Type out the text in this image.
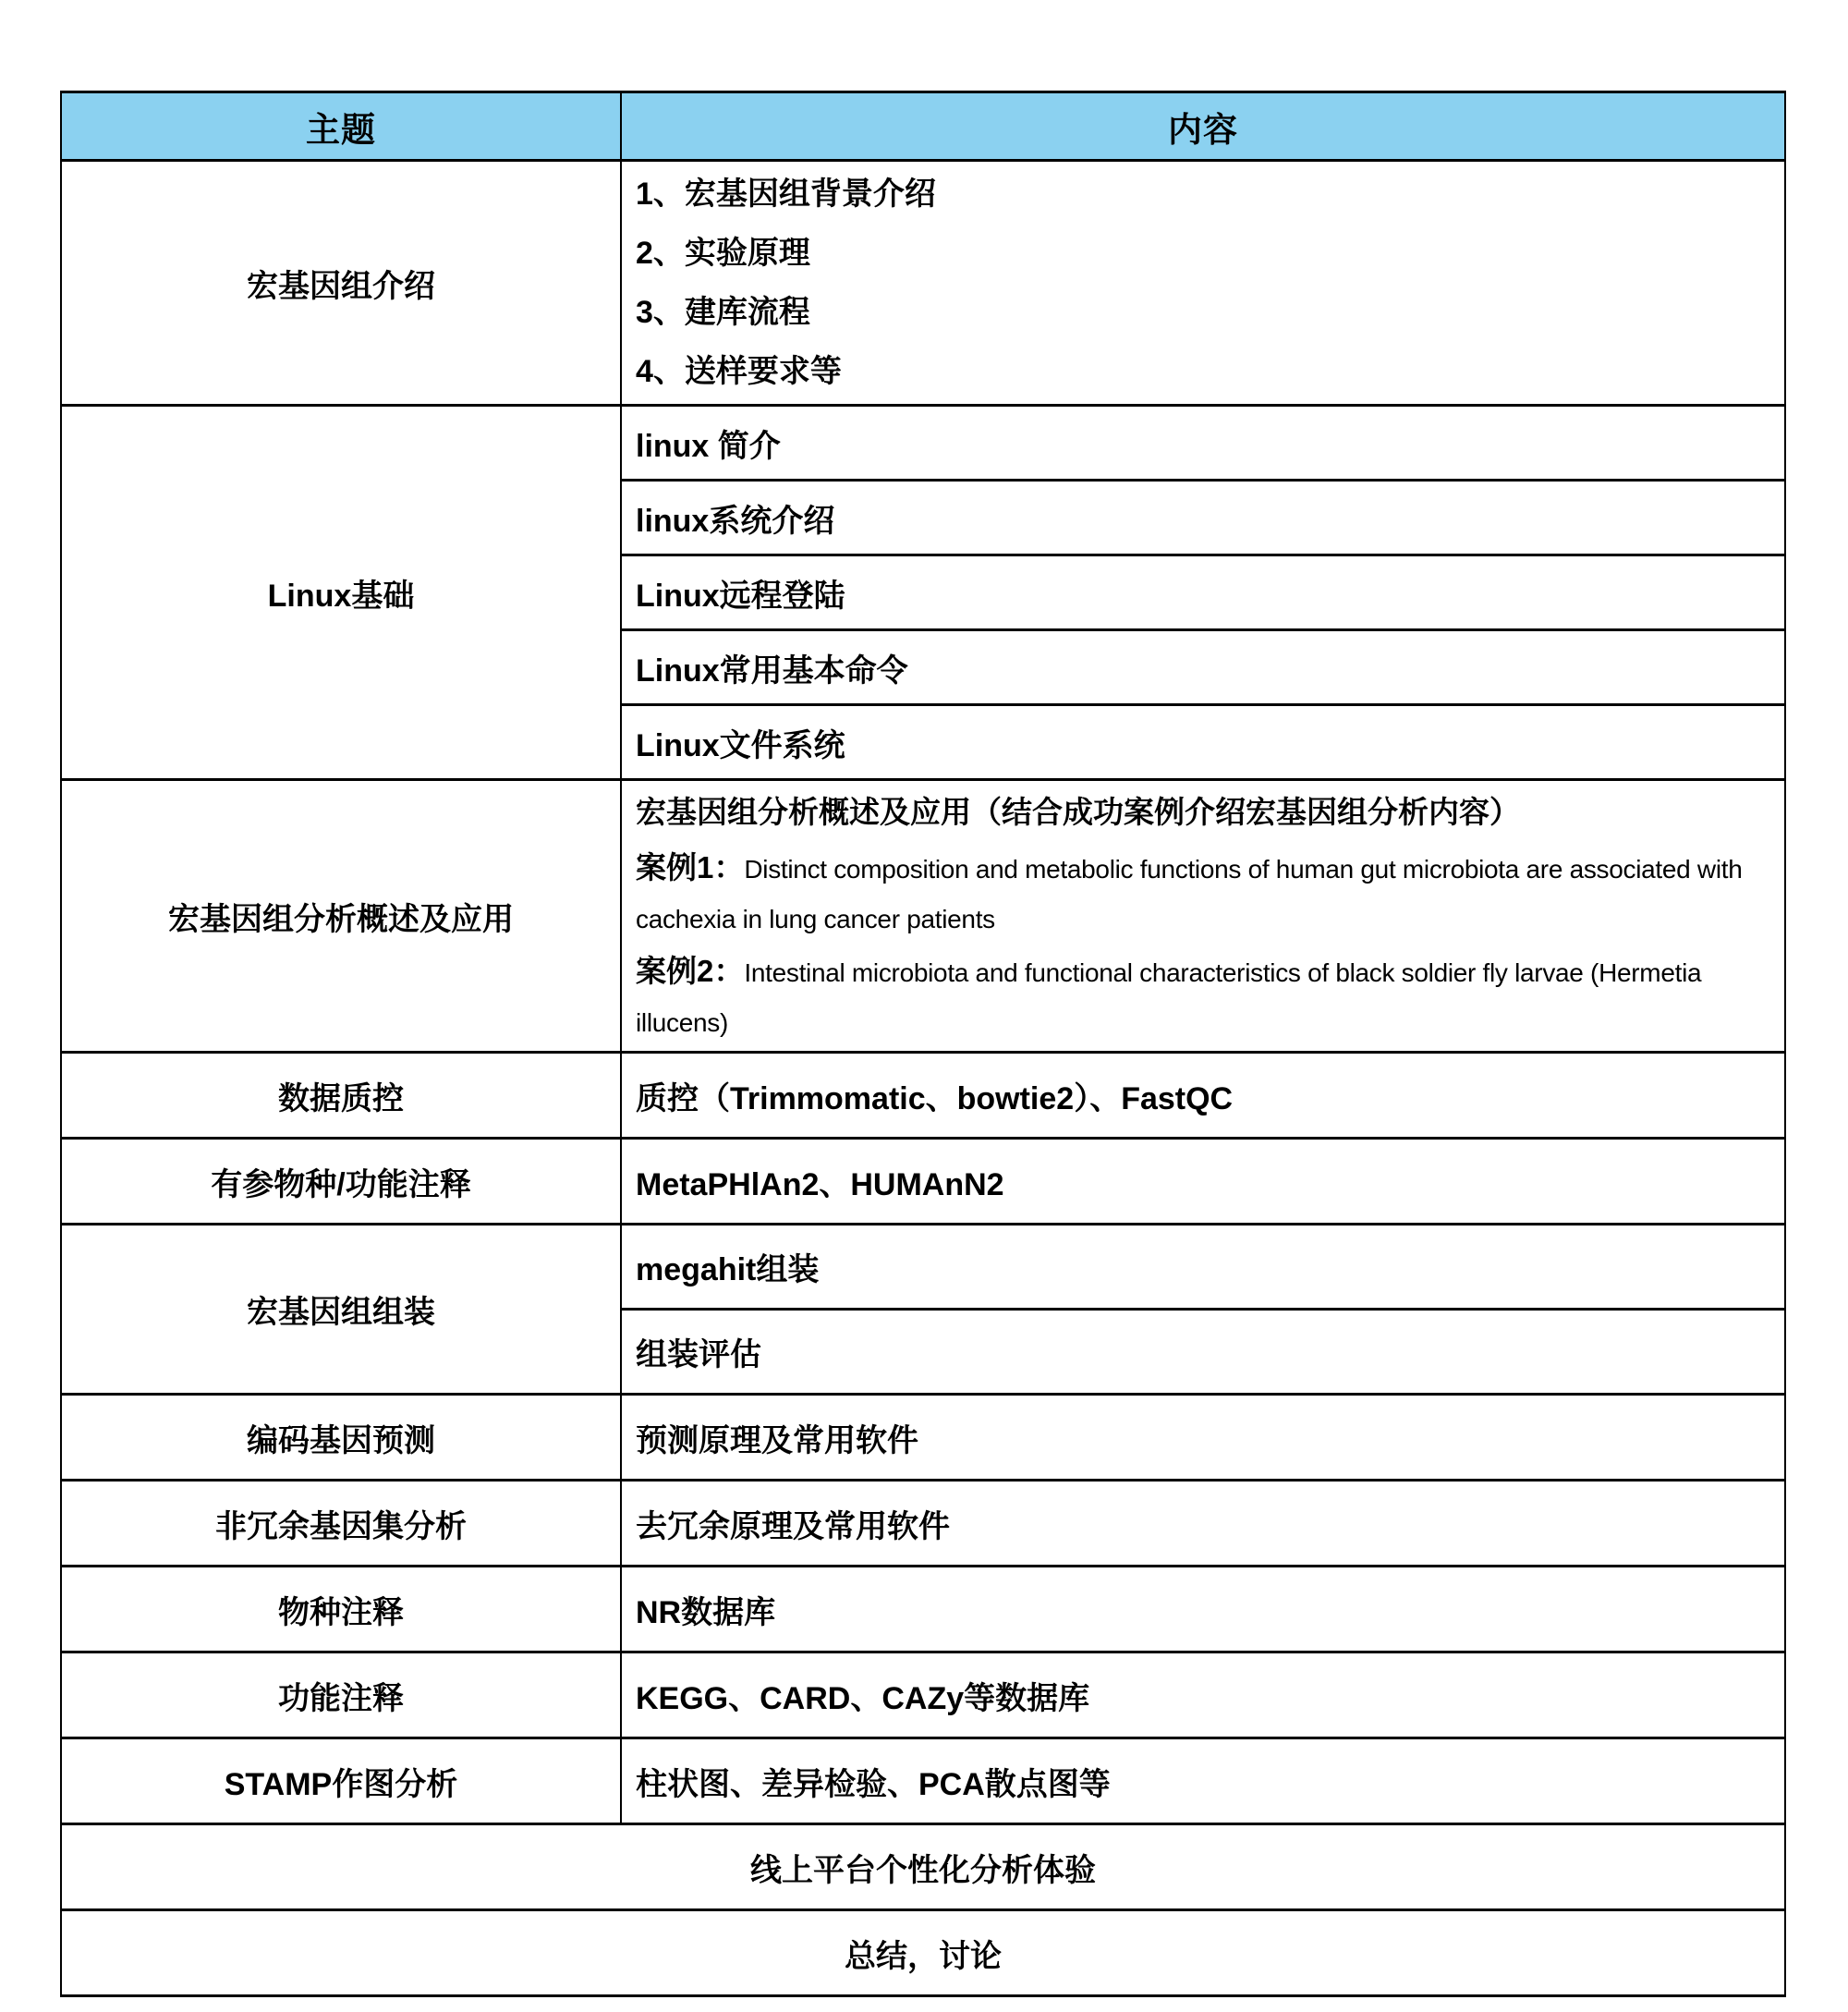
主题	内容
宏基因组介绍	1、宏基因组背景介绍
2、实验原理
3、建库流程
4、送样要求等

Linux基础	linux 简介
	linux系统介绍
	Linux远程登陆
	Linux常用基本命令
	Linux文件系统
宏基因组分析概述及应用	宏基因组分析概述及应用（结合成功案例介绍宏基因组分析内容）
案例1：Distinct composition and metabolic functions of human gut microbiota are associated with cachexia in lung cancer patients
案例2：Intestinal microbiota and functional characteristics of black soldier fly larvae (Hermetia illucens)

数据质控	质控（Trimmomatic、bowtie2）、FastQC
有参物种/功能注释	MetaPHlAn2、HUMAnN2
宏基因组组装	megahit组装
	组装评估
编码基因预测	预测原理及常用软件
非冗余基因集分析	去冗余原理及常用软件
物种注释	NR数据库
功能注释	KEGG、CARD、CAZy等数据库
STAMP作图分析	柱状图、差异检验、PCA散点图等
线上平台个性化分析体验	
总结，讨论	
